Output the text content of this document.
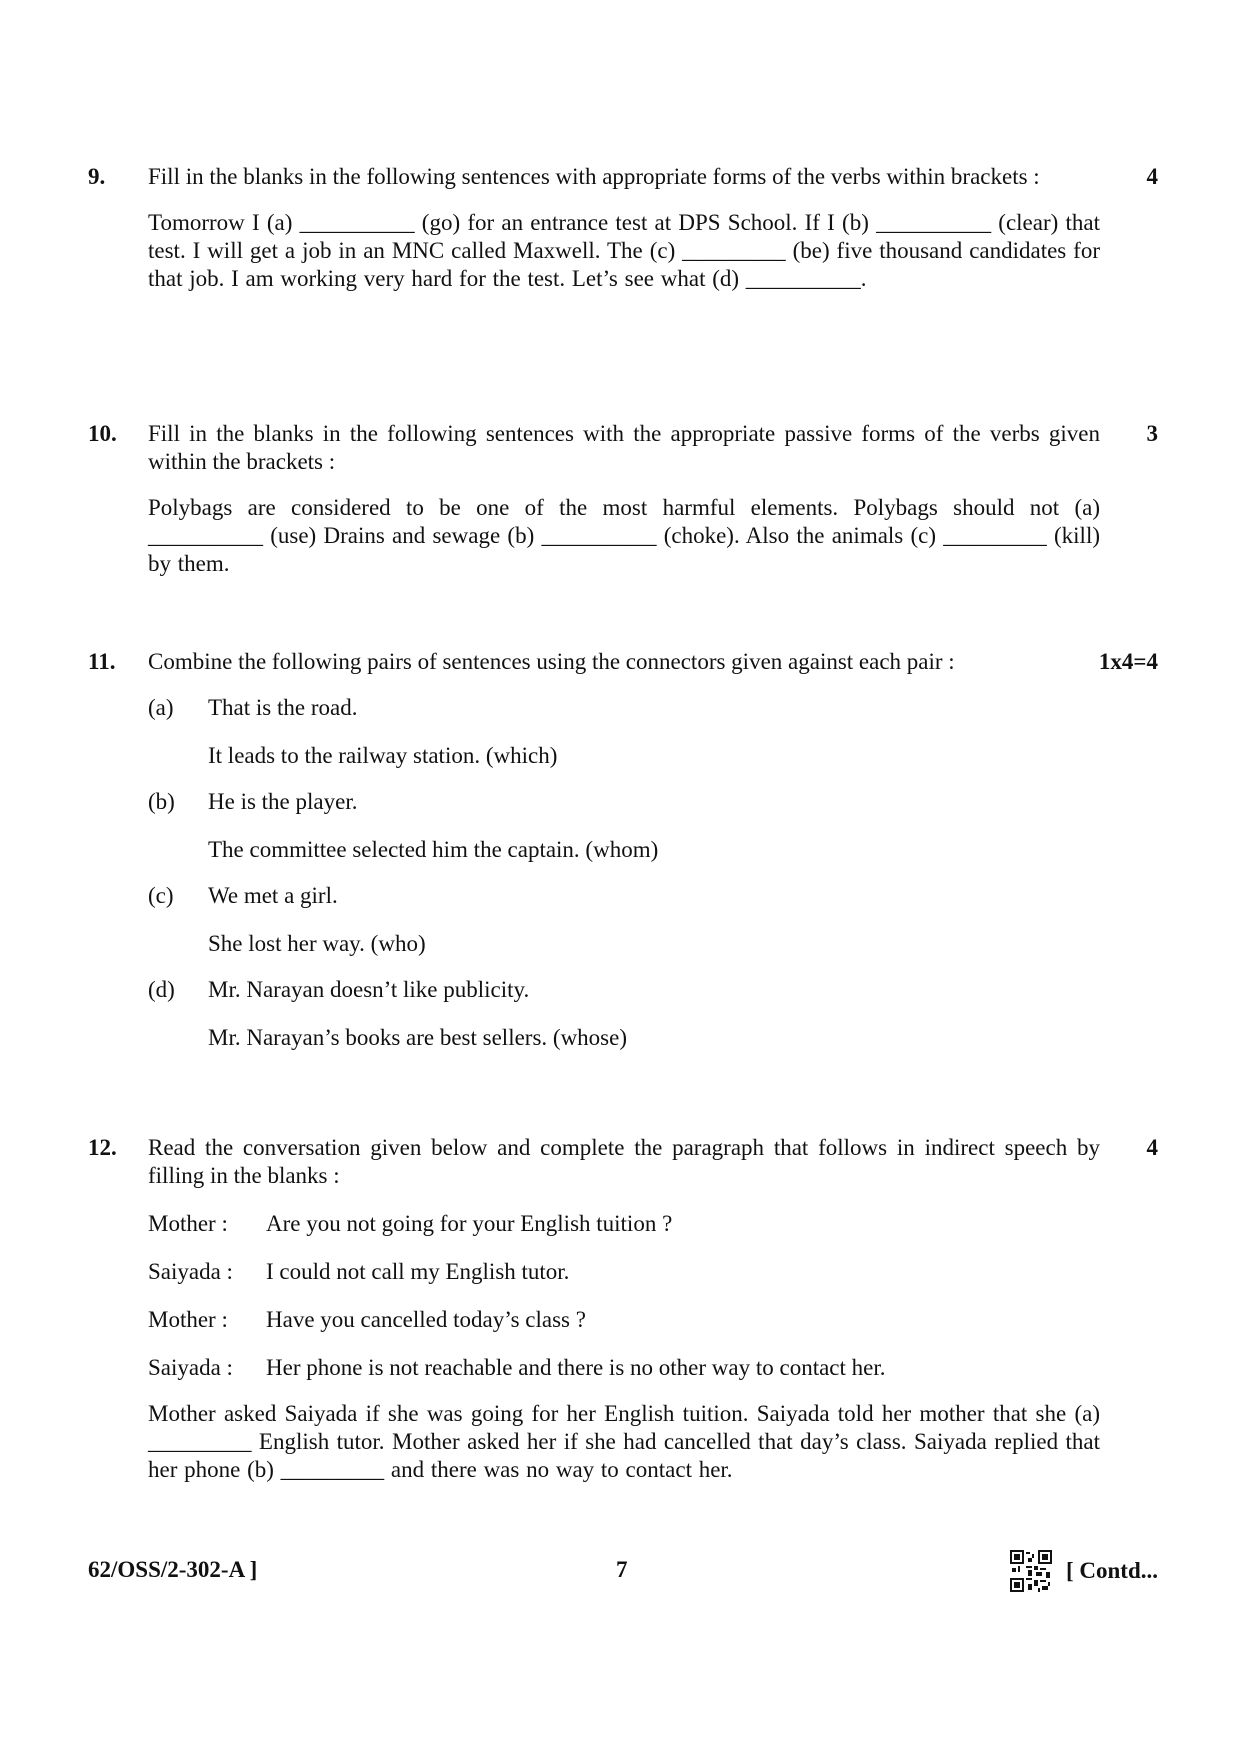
9.	4
Fill in the blanks in the following sentences with appropriate forms of the verbs within brackets :
Tomorrow I (a) __________ (go) for an entrance test at DPS School. If I (b) __________ (clear) that test. I will get a job in an MNC called Maxwell. The (c) _________ (be) five thousand candidates for that job. I am working very hard for the test. Let’s see what (d) __________.
10.	3
Fill in the blanks in the following sentences with the appropriate passive forms of the verbs given within the brackets :
Polybags are considered to be one of the most harmful elements. Polybags should not (a) __________ (use) Drains and sewage (b) __________ (choke). Also the animals (c) _________ (kill) by them.
11.	1x4=4
Combine the following pairs of sentences using the connectors given against each pair :
(a) That is the road.
It leads to the railway station. (which)
(b) He is the player.
The committee selected him the captain. (whom)
(c) We met a girl.
She lost her way. (who)
(d) Mr. Narayan doesn’t like publicity.
Mr. Narayan’s books are best sellers. (whose)
12.	4
Read the conversation given below and complete the paragraph that follows in indirect speech by filling in the blanks :
Mother :	Are you not going for your English tuition ?
Saiyada :	I could not call my English tutor.
Mother :	Have you cancelled today’s class ?
Saiyada :	Her phone is not reachable and there is no other way to contact her.
Mother asked Saiyada if she was going for her English tuition. Saiyada told her mother that she (a) _________ English tutor. Mother asked her if she had cancelled that day’s class. Saiyada replied that her phone (b) _________ and there was no way to contact her.
62/OSS/2-302-A ]	7	[ Contd...
